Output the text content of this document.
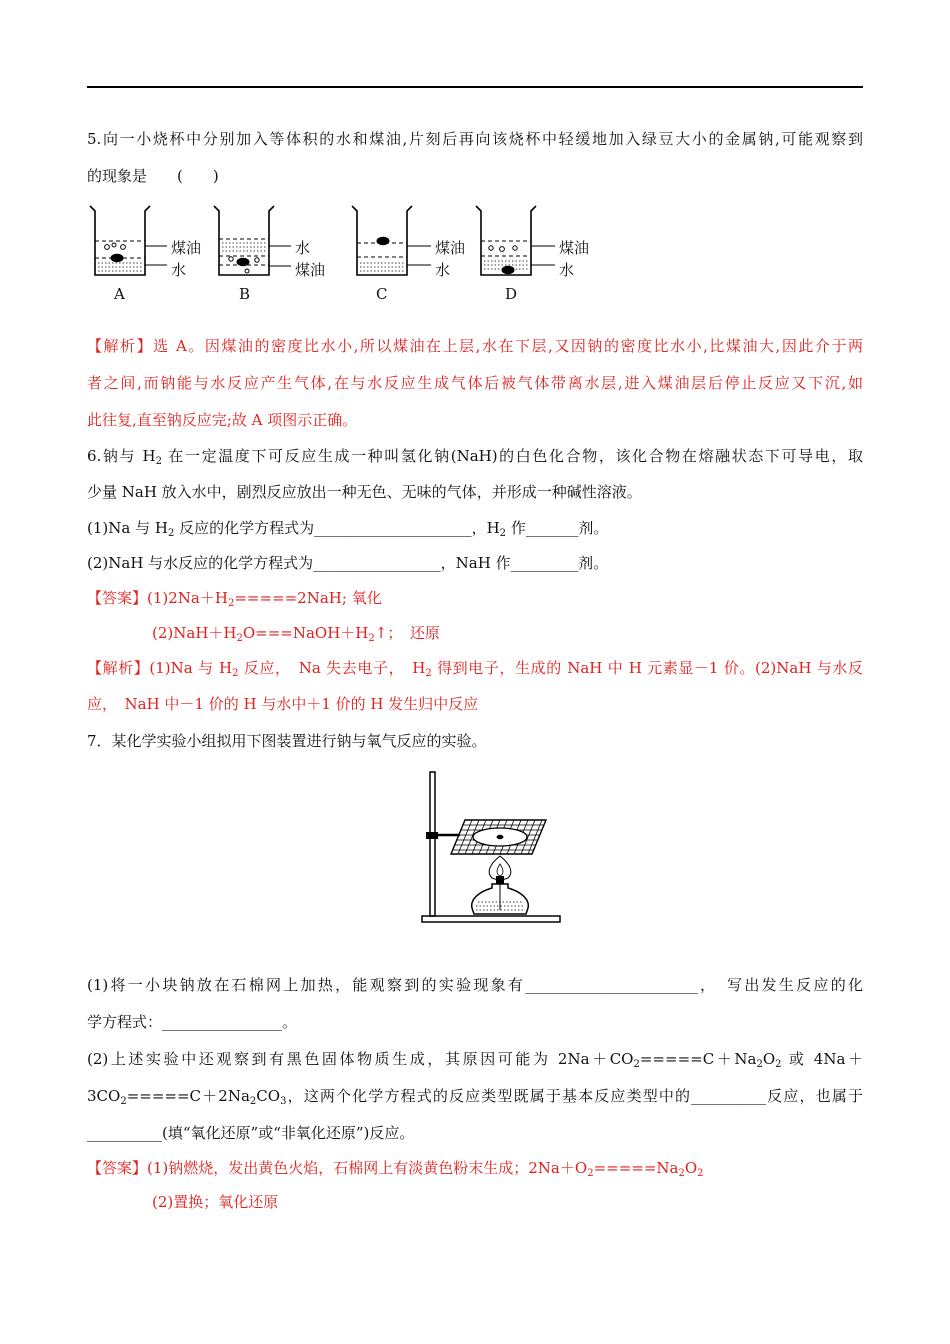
5.向一小烧杯中分别加入等体积的水和煤油,片刻后再向该烧杯中轻缓地加入绿豆大小的金属钠,可能观察到
的现象是　　(　　)
煤油
水
A
水
煤油
B
煤油
水
C
煤油
水
D
【解析】选 A。因煤油的密度比水小,所以煤油在上层,水在下层,又因钠的密度比水小,比煤油大,因此介于两
者之间,而钠能与水反应产生气体,在与水反应生成气体后被气体带离水层,进入煤油层后停止反应又下沉,如
此往复,直至钠反应完;故 A 项图示正确。
6.钠与 $H_2$ 在一定温度下可反应生成一种叫氢化钠(NaH)的白色化合物，该化合物在熔融状态下可导电，取
少量 NaH 放入水中，剧烈反应放出一种无色、无味的气体，并形成一种碱性溶液。
(1)Na 与 $H_2$ 反应的化学方程式为_____________________，$H_2$ 作_______剂。
(2)NaH 与水反应的化学方程式为_________________，NaH 作_________剂。
【答案】$(1)2Na+H_2=====2NaH$; 氧化
$(2)NaH+H_2O===NaOH+H_2↑$；　还原
【解析】(1)Na 与 $H_2$ 反应，　Na 失去电子，　$H_2$ 得到电子，生成的 NaH 中 H 元素显－1 价。(2)NaH 与水反
应，　NaH 中－1 价的 H 与水中＋1 价的 H 发生归中反应
7．某化学实验小组拟用下图装置进行钠与氧气反应的实验。
(1)将一小块钠放在石棉网上加热，能观察到的实验现象有_______________________，　写出发生反应的化
学方程式：________________。
(2)上述实验中还观察到有黑色固体物质生成，其原因可能为 $2Na+CO_2=====C+Na_2O_2$ 或 4Na＋
$3CO_2=====C+2Na_2CO_3$，这两个化学方程式的反应类型既属于基本反应类型中的__________反应，也属于
__________(填“氧化还原”或“非氧化还原”)反应。
【答案】(1)钠燃烧，发出黄色火焰，石棉网上有淡黄色粉末生成；$2Na+O_2=====Na_2O_2$
(2)置换；氧化还原
